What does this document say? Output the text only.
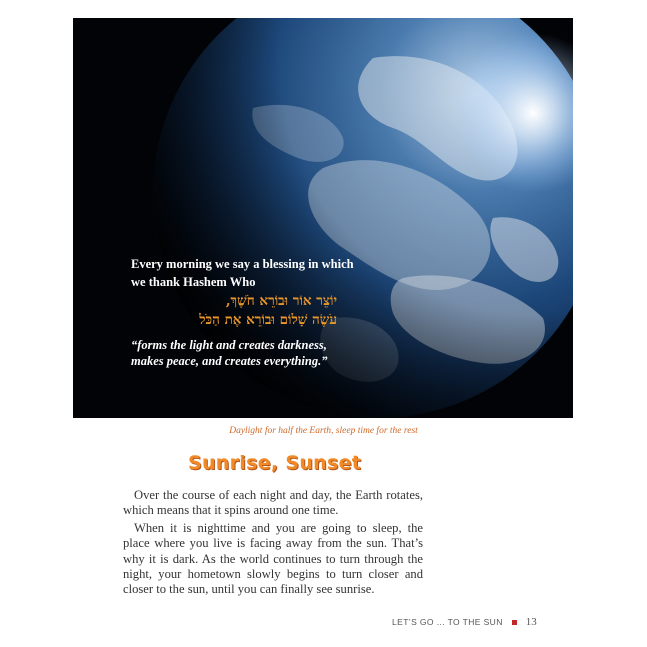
Every morning we say a blessing in which we thank Hashem Who
יוֹצֵר אוֹר וּבוֹרֵא חֹשֶׁךְ,
עֹשֶׂה שָׁלוֹם וּבוֹרֵא אֶת הַכֹּל
“forms the light and creates darkness, makes peace, and creates everything.”
Daylight for half the Earth, sleep time for the rest
Sunrise, Sunset

Over the course of each night and day, the Earth rotates, which means that it spins around one time.

When it is nighttime and you are going to sleep, the place where you live is facing away from the sun. That’s why it is dark. As the world continues to turn through the night, your hometown slowly begins to turn closer and closer to the sun, until you can finally see sunrise.

LET’S GO ... TO THE SUN 13
